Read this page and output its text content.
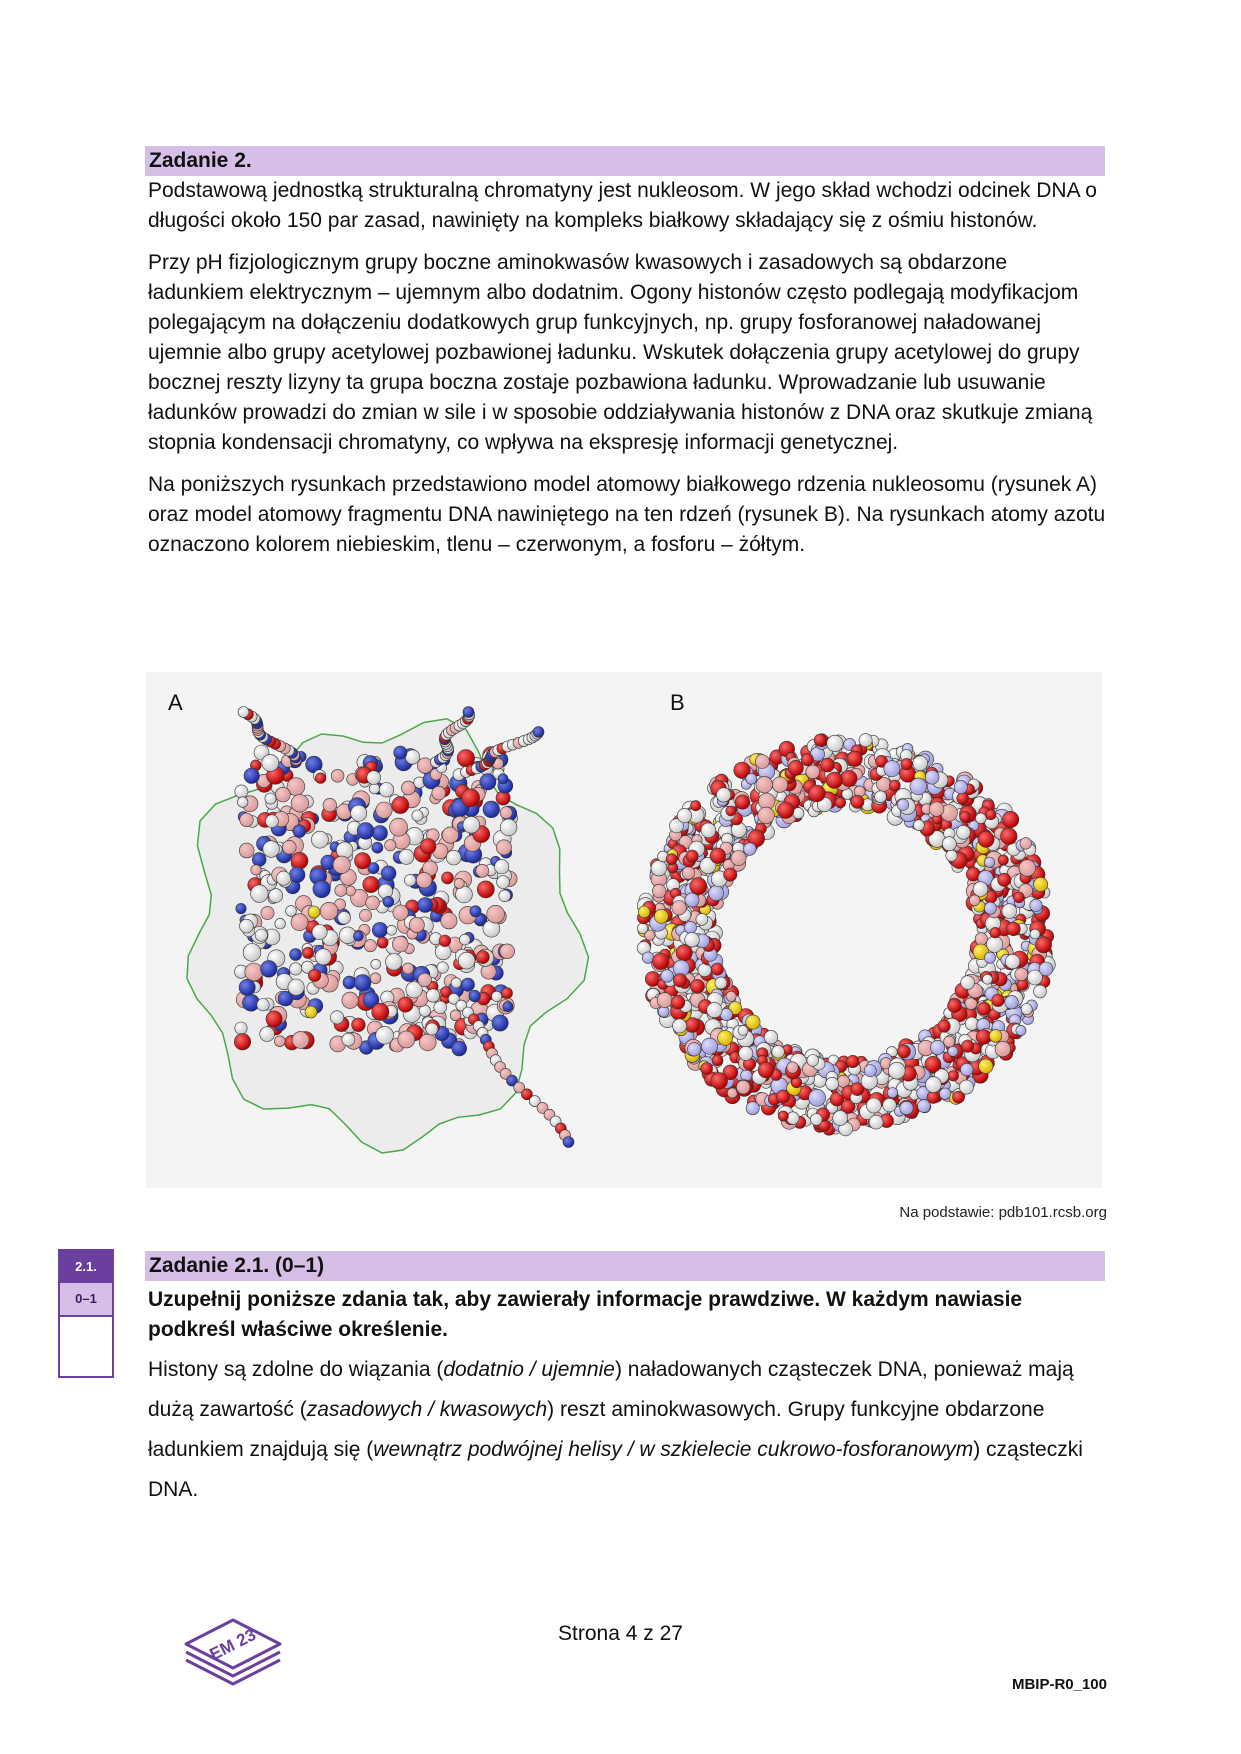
Zadanie 2.

Podstawową jednostką strukturalną chromatyny jest nukleosom. W jego skład wchodzi odcinek DNA o długości około 150 par zasad, nawinięty na kompleks białkowy składający się z ośmiu histonów.

Przy pH fizjologicznym grupy boczne aminokwasów kwasowych i zasadowych są obdarzone ładunkiem elektrycznym – ujemnym albo dodatnim. Ogony histonów często podlegają modyfikacjom polegającym na dołączeniu dodatkowych grup funkcyjnych, np. grupy fosforanowej naładowanej ujemnie albo grupy acetylowej pozbawionej ładunku. Wskutek dołączenia grupy acetylowej do grupy bocznej reszty lizyny ta grupa boczna zostaje pozbawiona ładunku. Wprowadzanie lub usuwanie ładunków prowadzi do zmian w sile i w sposobie oddziaływania histonów z DNA oraz skutkuje zmianą stopnia kondensacji chromatyny, co wpływa na ekspresję informacji genetycznej.

Na poniższych rysunkach przedstawiono model atomowy białkowego rdzenia nukleosomu (rysunek A) oraz model atomowy fragmentu DNA nawiniętego na ten rdzeń (rysunek B). Na rysunkach atomy azotu oznaczono kolorem niebieskim, tlenu – czerwonym, a fosforu – żółtym.

A	B
Na podstawie: pdb101.rcsb.org
2.1.
0–1
Zadanie 2.1. (0–1)
Uzupełnij poniższe zdania tak, aby zawierały informacje prawdziwe. W każdym nawiasie podkreśl właściwe określenie.
Histony są zdolne do wiązania (dodatnio / ujemnie) naładowanych cząsteczek DNA, ponieważ mają dużą zawartość (zasadowych / kwasowych) reszt aminokwasowych. Grupy funkcyjne obdarzone ładunkiem znajdują się (wewnątrz podwójnej helisy / w szkielecie cukrowo-fosforanowym) cząsteczki DNA.
EM 23	Strona 4 z 27
MBIP-R0_100
